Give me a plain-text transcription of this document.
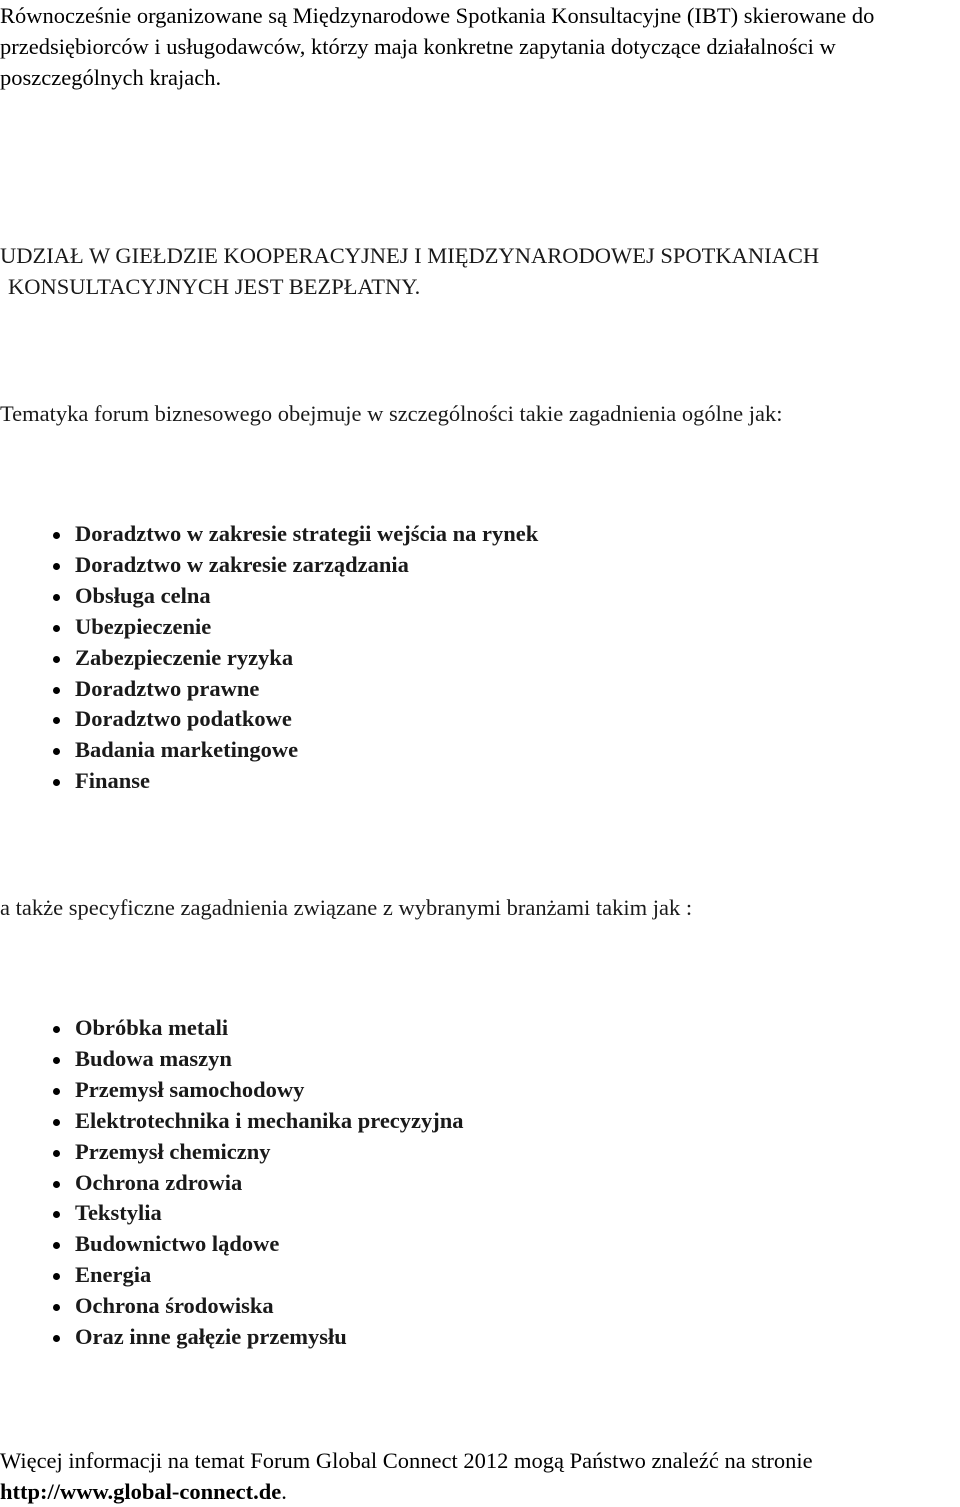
Równocześnie organizowane są Międzynarodowe Spotkania Konsultacyjne (IBT) skierowane do przedsiębiorców i usługodawców, którzy maja konkretne zapytania dotyczące działalności w poszczególnych krajach.

UDZIAŁ W GIEŁDZIE KOOPERACYJNEJ I MIĘDZYNARODOWEJ SPOTKANIACH
KONSULTACYJNYCH JEST BEZPŁATNY.

Tematyka forum biznesowego obejmuje w szczególności takie zagadnienia ogólne jak:

Doradztwo w zakresie strategii wejścia na rynek
Doradztwo w zakresie zarządzania
Obsługa celna
Ubezpieczenie
Zabezpieczenie ryzyka
Doradztwo prawne
Doradztwo podatkowe
Badania marketingowe
Finanse

a także specyficzne zagadnienia związane z wybranymi branżami takim jak :

Obróbka metali
Budowa maszyn
Przemysł samochodowy
Elektrotechnika i mechanika precyzyjna
Przemysł chemiczny
Ochrona zdrowia
Tekstylia
Budownictwo lądowe
Energia
Ochrona środowiska
Oraz inne gałęzie przemysłu

Więcej informacji na temat Forum Global Connect 2012 mogą Państwo znaleźć na stronie
http://www.global-connect.de.
